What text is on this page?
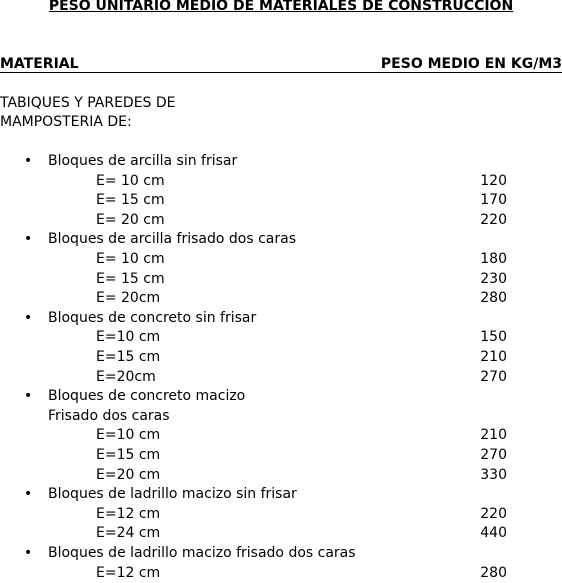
PESO UNITARIO MEDIO DE MATERIALES DE CONSTRUCCION
MATERIAL	PESO MEDIO EN KG/M3
TABIQUES Y PAREDES DE
MAMPOSTERIA DE:
• Bloques de arcilla sin frisar
E= 10 cm	120
E= 15 cm	170
E= 20 cm	220
• Bloques de arcilla frisado dos caras
E= 10 cm	180
E= 15 cm	230
E= 20cm	280
• Bloques de concreto sin frisar
E=10 cm	150
E=15 cm	210
E=20cm	270
• Bloques de concreto macizo
Frisado dos caras
E=10 cm	210
E=15 cm	270
E=20 cm	330
• Bloques de ladrillo macizo sin frisar
E=12 cm	220
E=24 cm	440
• Bloques de ladrillo macizo frisado dos caras
E=12 cm	280
